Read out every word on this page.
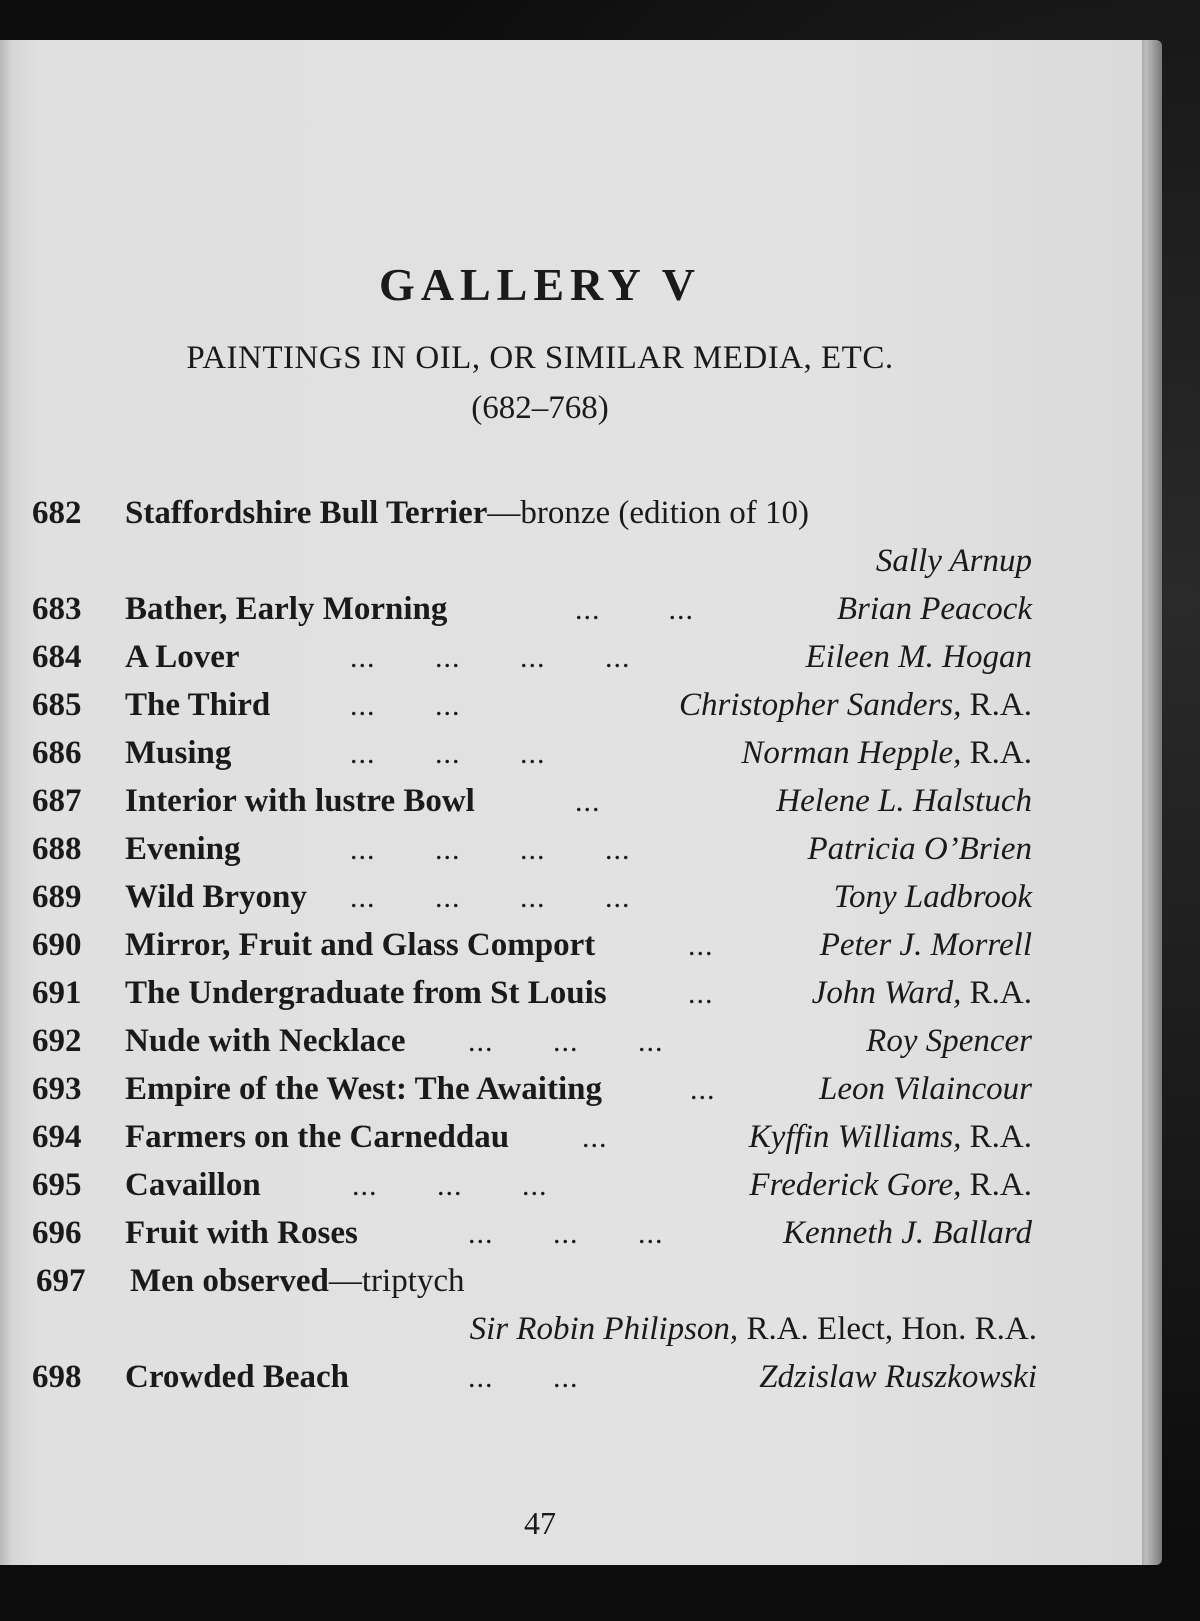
GALLERY V
PAINTINGS IN OIL, OR SIMILAR MEDIA, ETC.
(682–768)
682 Staffordshire Bull Terrier—bronze (edition of 10)
Sally Arnup
683 Bather, Early Morning	...        ...	Brian Peacock
684 A Lover	...       ...       ...       ...	Eileen M. Hogan
685 The Third	...       ...	Christopher Sanders, R.A.
686 Musing	...       ...       ...	Norman Hepple, R.A.
687 Interior with lustre Bowl	...	Helene L. Halstuch
688 Evening	...       ...       ...       ...	Patricia O’Brien
689 Wild Bryony ...       ...       ...       ...	Tony Ladbrook
690 Mirror, Fruit and Glass Comport	...	Peter J. Morrell
691 The Undergraduate from St Louis	...	John Ward, R.A.
692 Nude with Necklace ...       ...       ...	Roy Spencer
693 Empire of the West: The Awaiting	...	Leon Vilaincour
694 Farmers on the Carneddau ...	Kyffin Williams, R.A.
695 Cavaillon	...       ...       ...	Frederick Gore, R.A.
696 Fruit with Roses	...       ...       ...	Kenneth J. Ballard
697 Men observed—triptych
Sir Robin Philipson, R.A. Elect, Hon. R.A.
698 Crowded Beach	...       ...	Zdzislaw Ruszkowski
47
